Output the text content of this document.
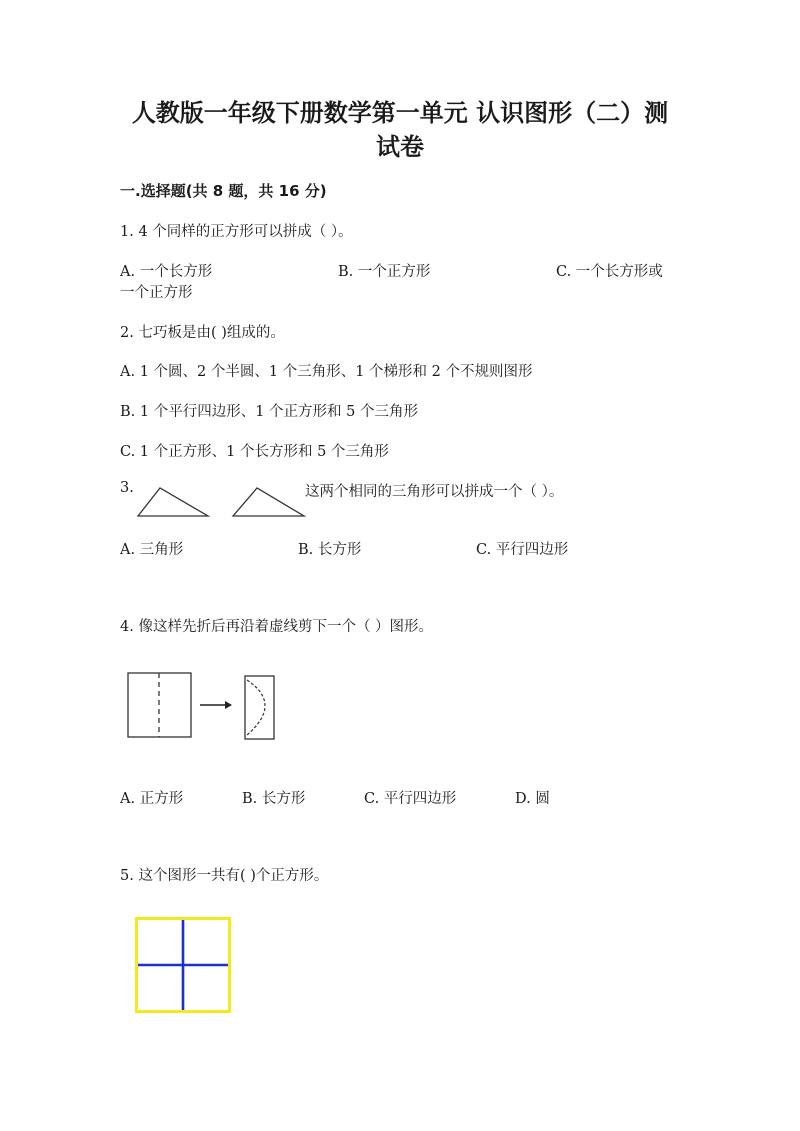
人教版一年级下册数学第一单元 认识图形（二）测
试卷
一.选择题(共 8 题，共 16 分)
1. 4 个同样的正方形可以拼成（ ）。
A. 一个长方形	B. 一个正方形	C. 一个长方形或
一个正方形
2. 七巧板是由( )组成的。
A. 1 个圆、2 个半圆、1 个三角形、1 个梯形和 2 个不规则图形
B. 1 个平行四边形、1 个正方形和 5 个三角形
C. 1 个正方形、1 个长方形和 5 个三角形
3.	这两个相同的三角形可以拼成一个（ ）。
A. 三角形	B. 长方形	C. 平行四边形
4. 像这样先折后再沿着虚线剪下一个（ ）图形。
A. 正方形	B. 长方形	C. 平行四边形	D. 圆
5. 这个图形一共有( )个正方形。
